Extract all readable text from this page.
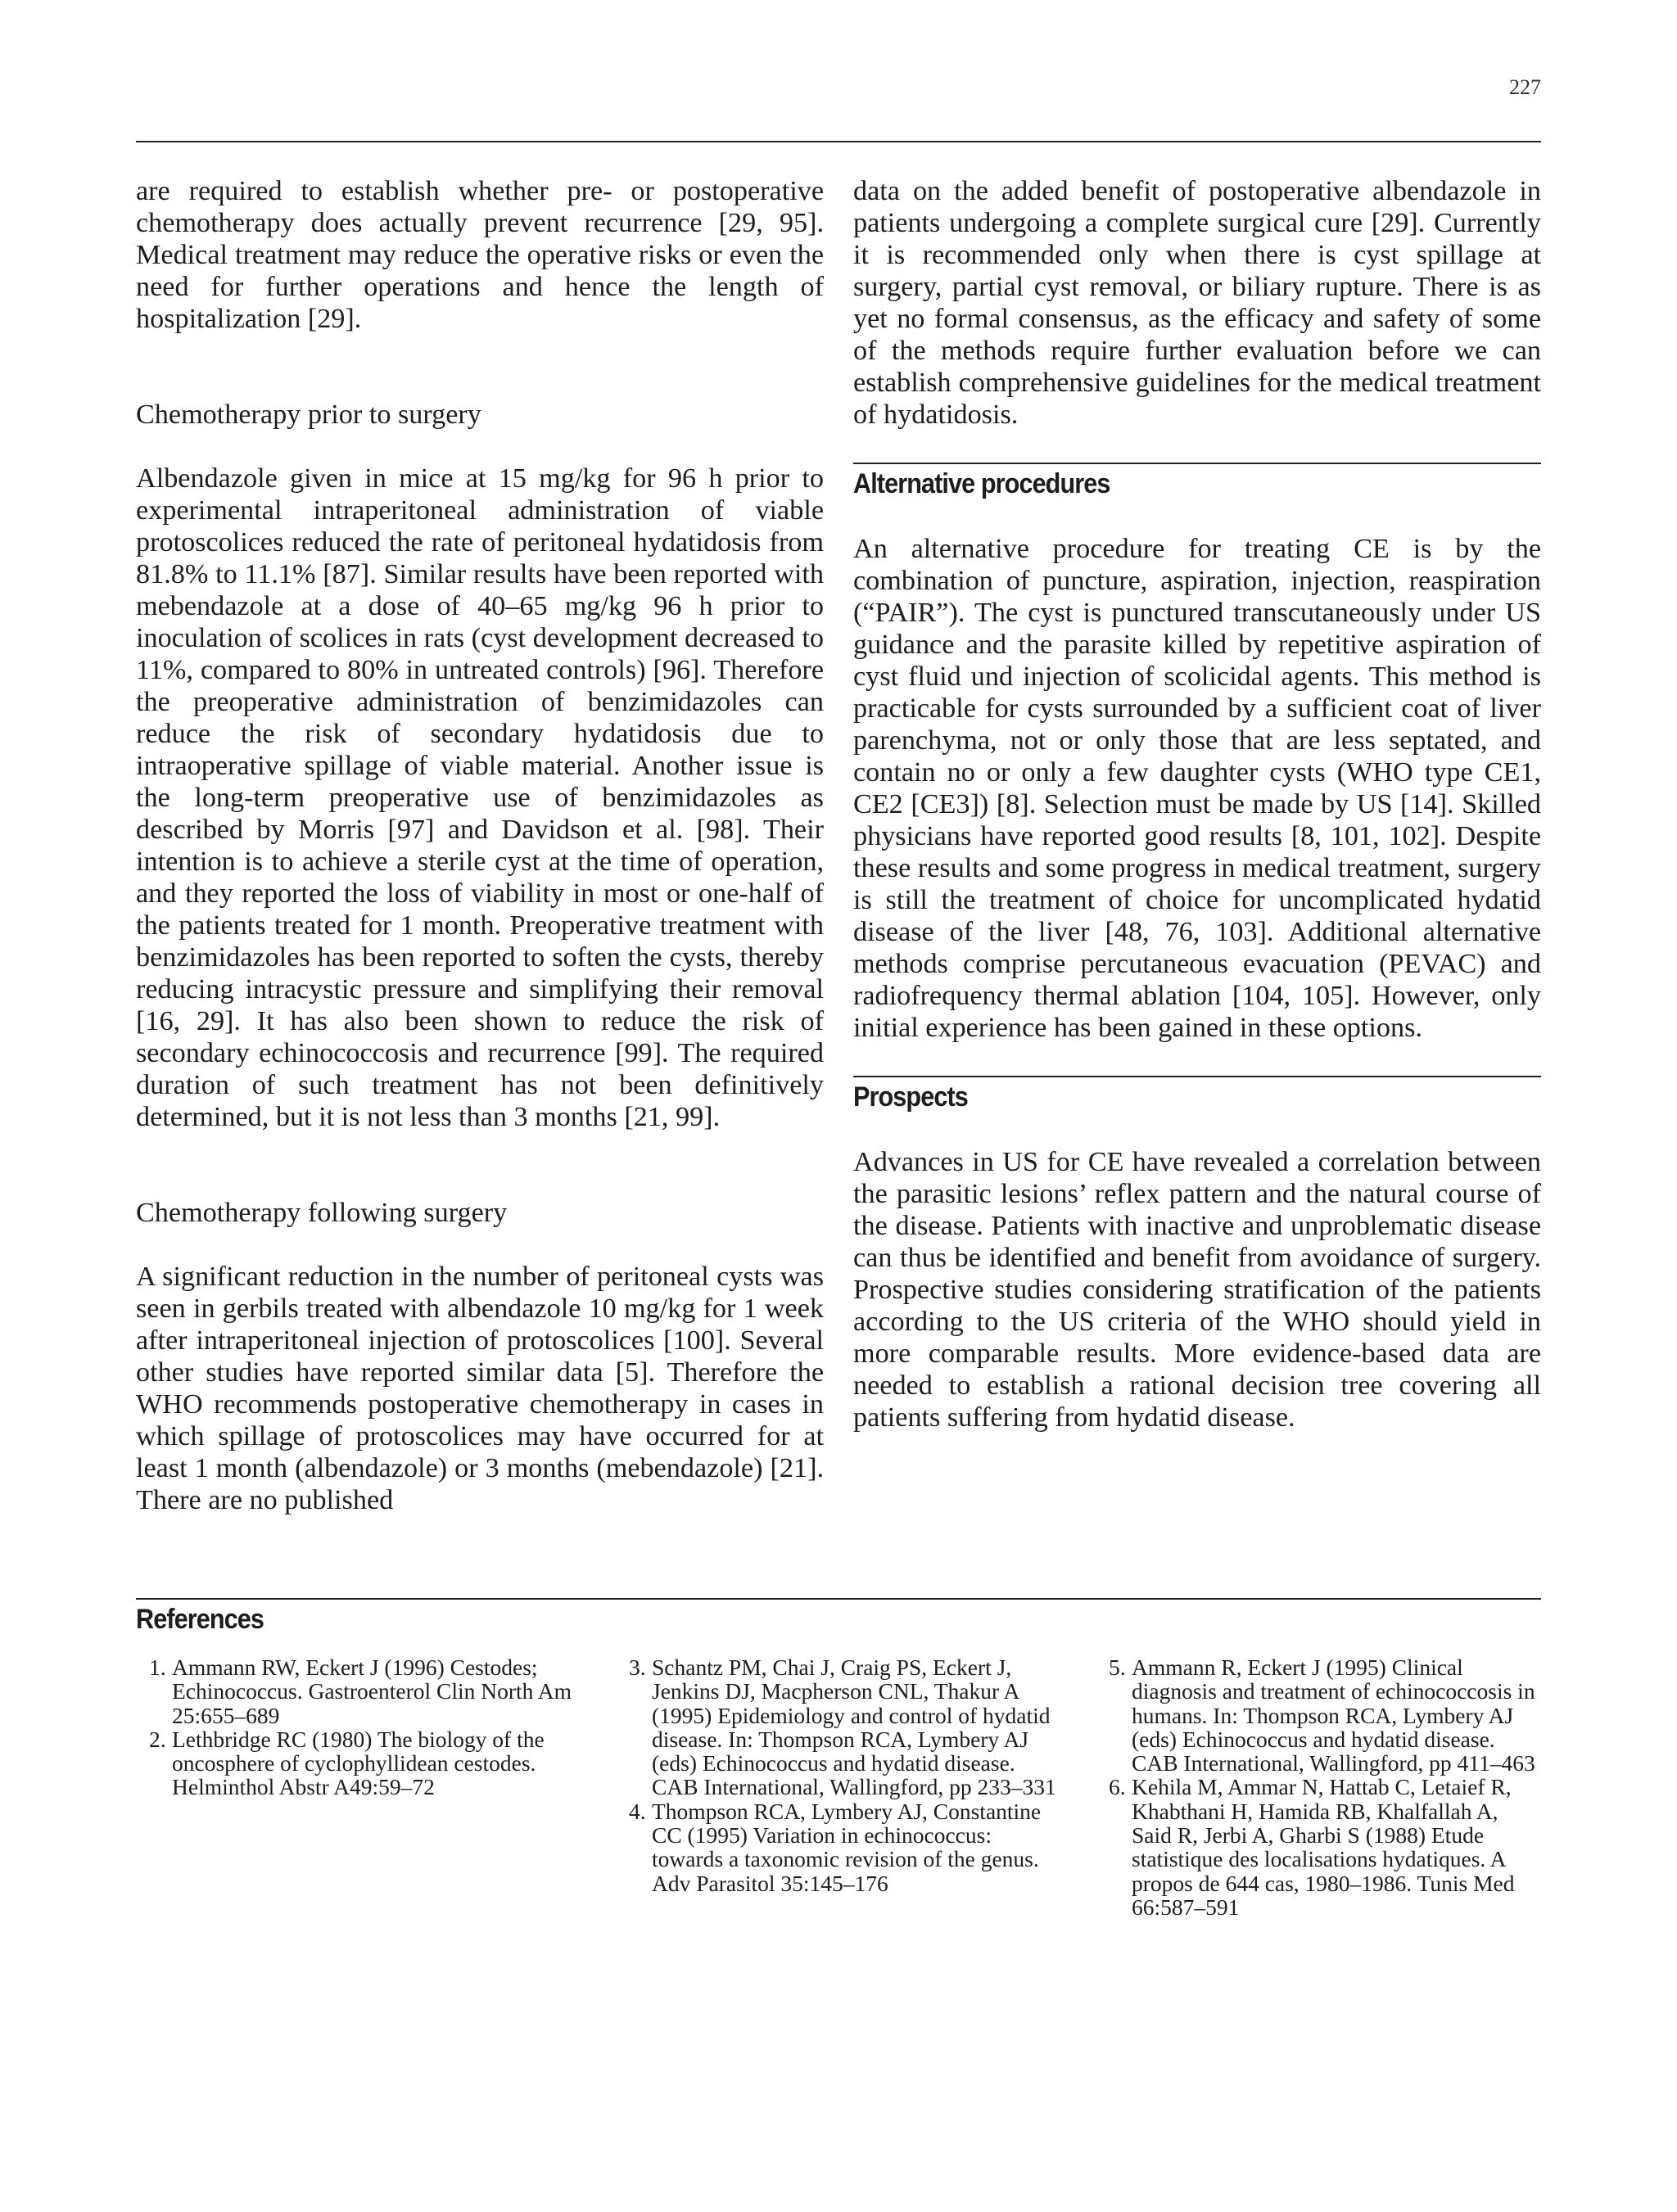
227

are required to establish whether pre- or postoperative chemotherapy does actually prevent recurrence [29, 95]. Medical treatment may reduce the operative risks or even the need for further operations and hence the length of hospitalization [29].

Chemotherapy prior to surgery

Albendazole given in mice at 15 mg/kg for 96 h prior to experimental intraperitoneal administration of viable protoscolices reduced the rate of peritoneal hydatidosis from 81.8% to 11.1% [87]. Similar results have been reported with mebendazole at a dose of 40–65 mg/kg 96 h prior to inoculation of scolices in rats (cyst development decreased to 11%, compared to 80% in untreated controls) [96]. Therefore the preoperative administration of benzimidazoles can reduce the risk of secondary hydatidosis due to intraoperative spillage of viable material. Another issue is the long-term preoperative use of benzimidazoles as described by Morris [97] and Davidson et al. [98]. Their intention is to achieve a sterile cyst at the time of operation, and they reported the loss of viability in most or one-half of the patients treated for 1 month. Preoperative treatment with benzimidazoles has been reported to soften the cysts, thereby reducing intracystic pressure and simplifying their removal [16, 29]. It has also been shown to reduce the risk of secondary echinococcosis and recurrence [99]. The required duration of such treatment has not been definitively determined, but it is not less than 3 months [21, 99].

Chemotherapy following surgery

A significant reduction in the number of peritoneal cysts was seen in gerbils treated with albendazole 10 mg/kg for 1 week after intraperitoneal injection of protoscolices [100]. Several other studies have reported similar data [5]. Therefore the WHO recommends postoperative chemotherapy in cases in which spillage of protoscolices may have occurred for at least 1 month (albendazole) or 3 months (mebendazole) [21]. There are no published

data on the added benefit of postoperative albendazole in patients undergoing a complete surgical cure [29]. Currently it is recommended only when there is cyst spillage at surgery, partial cyst removal, or biliary rupture. There is as yet no formal consensus, as the efficacy and safety of some of the methods require further evaluation before we can establish comprehensive guidelines for the medical treatment of hydatidosis.

Alternative procedures

An alternative procedure for treating CE is by the combination of puncture, aspiration, injection, reaspiration (“PAIR”). The cyst is punctured transcutaneously under US guidance and the parasite killed by repetitive aspiration of cyst fluid und injection of scolicidal agents. This method is practicable for cysts surrounded by a sufficient coat of liver parenchyma, not or only those that are less septated, and contain no or only a few daughter cysts (WHO type CE1, CE2 [CE3]) [8]. Selection must be made by US [14]. Skilled physicians have reported good results [8, 101, 102]. Despite these results and some progress in medical treatment, surgery is still the treatment of choice for uncomplicated hydatid disease of the liver [48, 76, 103]. Additional alternative methods comprise percutaneous evacuation (PEVAC) and radiofrequency thermal ablation [104, 105]. However, only initial experience has been gained in these options.

Prospects

Advances in US for CE have revealed a correlation between the parasitic lesions’ reflex pattern and the natural course of the disease. Patients with inactive and unproblematic disease can thus be identified and benefit from avoidance of surgery. Prospective studies considering stratification of the patients according to the US criteria of the WHO should yield in more comparable results. More evidence-based data are needed to establish a rational decision tree covering all patients suffering from hydatid disease.

References
1. Ammann RW, Eckert J (1996) Cestodes; Echinococcus. Gastroenterol Clin North Am 25:655–689
2. Lethbridge RC (1980) The biology of the oncosphere of cyclophyllidean cestodes. Helminthol Abstr A49:59–72
3. Schantz PM, Chai J, Craig PS, Eckert J, Jenkins DJ, Macpherson CNL, Thakur A (1995) Epidemiology and control of hydatid disease. In: Thompson RCA, Lymbery AJ (eds) Echinococcus and hydatid disease. CAB International, Wallingford, pp 233–331
4. Thompson RCA, Lymbery AJ, Constantine CC (1995) Variation in echinococcus: towards a taxonomic revision of the genus. Adv Parasitol 35:145–176
5. Ammann R, Eckert J (1995) Clinical diagnosis and treatment of echinococcosis in humans. In: Thompson RCA, Lymbery AJ (eds) Echinococcus and hydatid disease. CAB International, Wallingford, pp 411–463
6. Kehila M, Ammar N, Hattab C, Letaief R, Khabthani H, Hamida RB, Khalfallah A, Said R, Jerbi A, Gharbi S (1988) Etude statistique des localisations hydatiques. A propos de 644 cas, 1980–1986. Tunis Med 66:587–591
